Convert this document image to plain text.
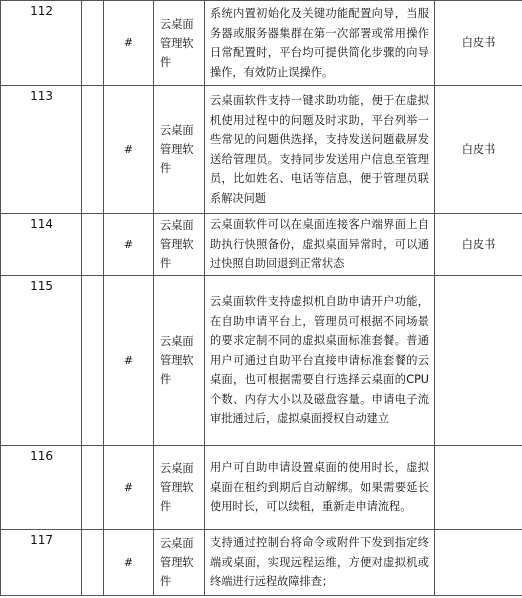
112		#	云桌面管理软件	系统内置初始化及关键功能配置向导，当服务器或服务器集群在第一次部署或常用操作日常配置时，平台均可提供简化步骤的向导操作，有效防止误操作。	白皮书
113		#	云桌面管理软件	云桌面软件支持一键求助功能，便于在虚拟机使用过程中的问题及时求助，平台列举一些常见的问题供选择，支持发送问题截屏发送给管理员。支持同步发送用户信息至管理员，比如姓名、电话等信息，便于管理员联系解决问题	白皮书
114		#	云桌面管理软件	云桌面软件可以在桌面连接客户端界面上自助执行快照备份，虚拟桌面异常时，可以通过快照自助回退到正常状态	白皮书
115		#	云桌面管理软件	云桌面软件支持虚拟机自助申请开户功能，在自助申请平台上，管理员可根据不同场景的要求定制不同的虚拟桌面标准套餐。普通用户可通过自助平台直接申请标准套餐的云桌面，也可根据需要自行选择云桌面的CPU个数、内存大小以及磁盘容量。申请电子流审批通过后，虚拟桌面授权自动建立	
116		#	云桌面管理软件	用户可自助申请设置桌面的使用时长，虚拟桌面在租约到期后自动解绑。如果需要延长使用时长，可以续租，重新走申请流程。	
117		#	云桌面管理软件	支持通过控制台将命令或附件下发到指定终端或桌面，实现远程运维，方便对虚拟机或终端进行远程故障排查；	
